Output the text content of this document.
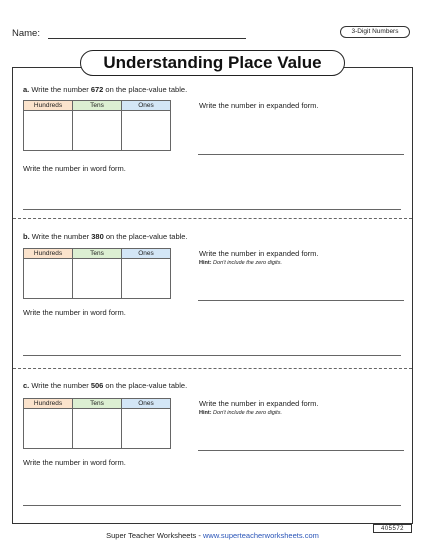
Name:	3-Digit Numbers
Understanding Place Value
a. Write the number 672 on the place-value table.
Hundreds	Tens	Ones
			Write the number in expanded form.
Write the number in word form.
b. Write the number 380 on the place-value table.
Hundreds	Tens	Ones
			Write the number in expanded form.
Hint: Don't include the zero digits.
Write the number in word form.
c. Write the number 506 on the place-value table.
Hundreds	Tens	Ones
			Write the number in expanded form.
Hint: Don't include the zero digits.
Write the number in word form.
405572
Super Teacher Worksheets - www.superteacherworksheets.com
